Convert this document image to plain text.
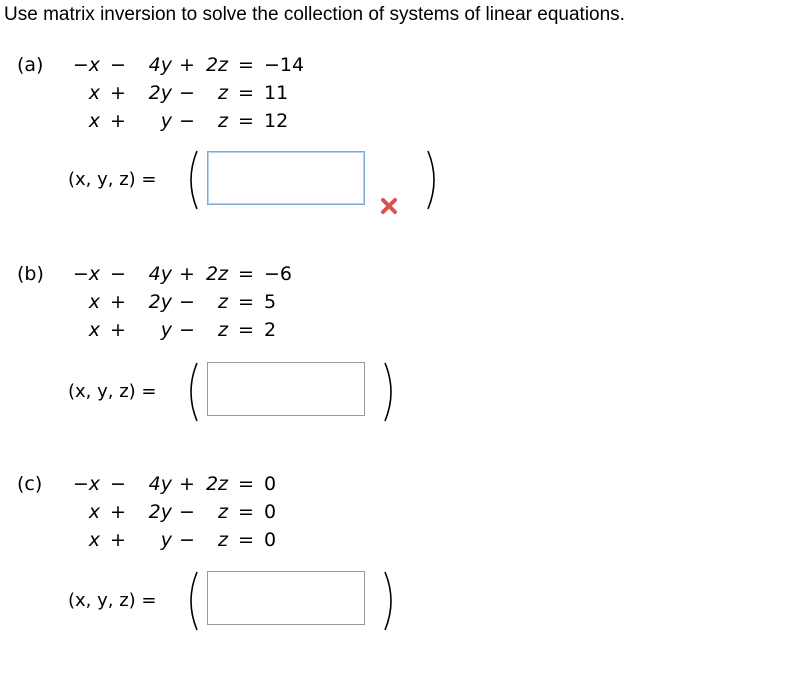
Use matrix inversion to solve the collection of systems of linear equations.
(a)	−x −	4y + 2z = −14
x +	2y −	z = 11
x +	y −	z = 12
(x, y, z) =
(b)	−x −	4y + 2z = −6
x +	2y −	z = 5
x +	y −	z = 2
(x, y, z) =
(c)	−x −	4y + 2z = 0
x +	2y −	z = 0
x +	y −	z = 0
(x, y, z) =
